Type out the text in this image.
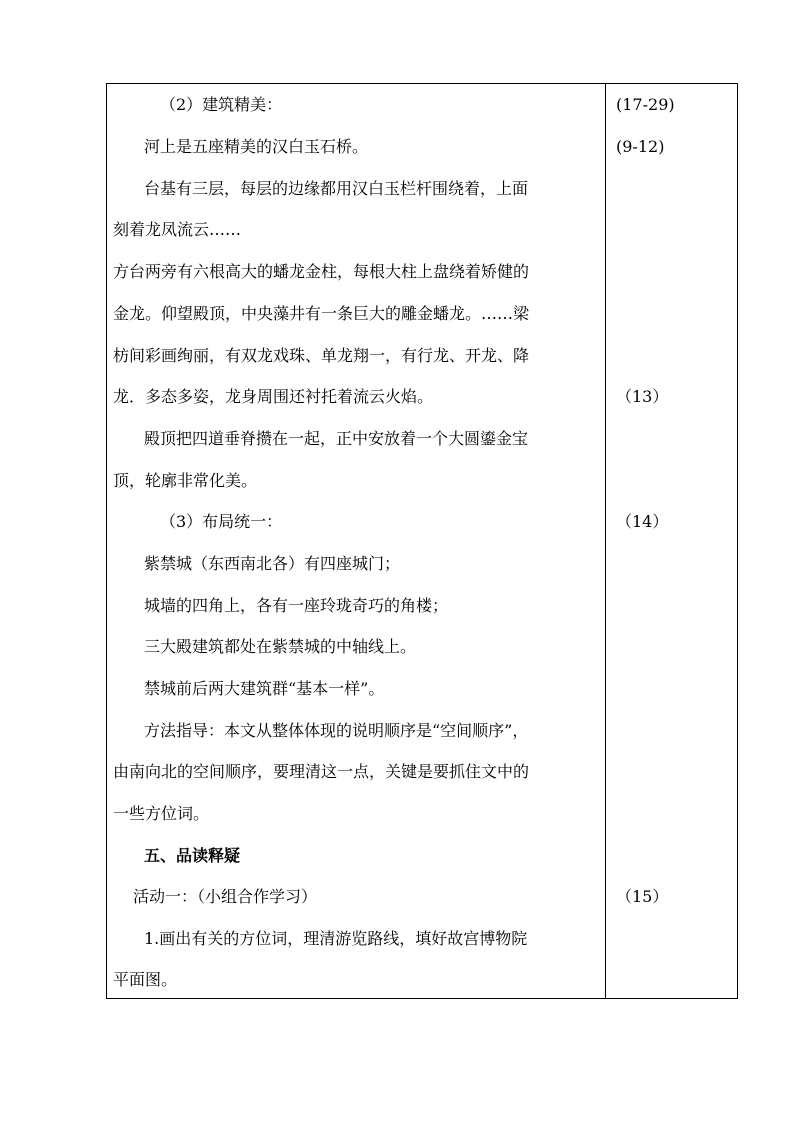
（2）建筑精美：
河上是五座精美的汉白玉石桥。
台基有三层，每层的边缘都用汉白玉栏杆围绕着，上面
刻着龙凤流云……
方台两旁有六根高大的蟠龙金柱，每根大柱上盘绕着矫健的
金龙。仰望殿顶，中央藻井有一条巨大的雕金蟠龙。……梁
枋间彩画绚丽，有双龙戏珠、单龙翔一，有行龙、开龙、降
龙．多态多姿，龙身周围还衬托着流云火焰。
殿顶把四道垂脊攒在一起，正中安放着一个大圆鎏金宝
顶，轮廓非常化美。
（3）布局统一：
紫禁城（东西南北各）有四座城门；
城墙的四角上，各有一座玲珑奇巧的角楼；
三大殿建筑都处在紫禁城的中轴线上。
禁城前后两大建筑群“基本一样”。
方法指导：本文从整体体现的说明顺序是“空间顺序”，
由南向北的空间顺序，要理清这一点，关键是要抓住文中的
一些方位词。
五、品读释疑
活动一：（小组合作学习）
1.画出有关的方位词，理清游览路线，填好故宫博物院
平面图。
(17-29)
(9-12)
（13）
（14）
（15）
